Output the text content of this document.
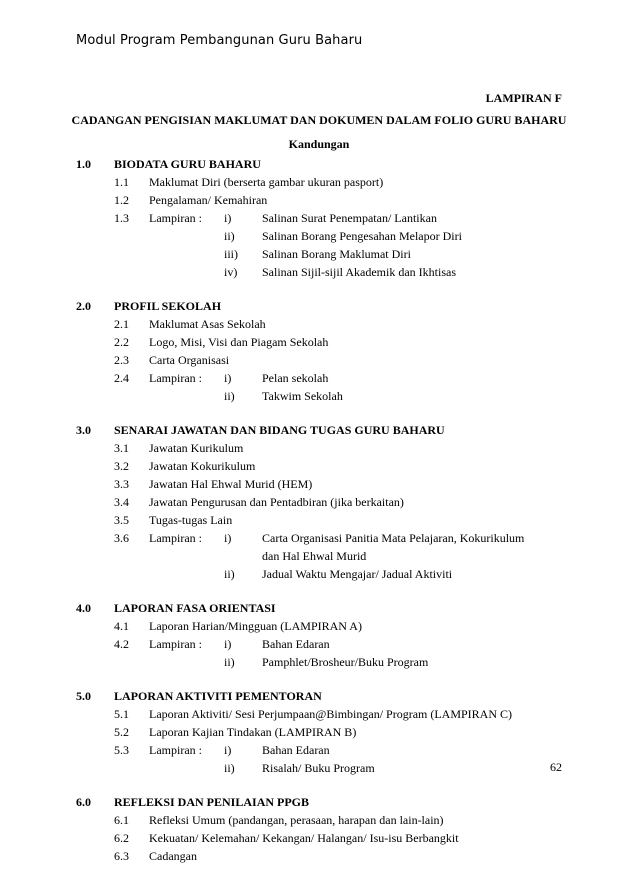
Modul Program Pembangunan Guru Baharu
LAMPIRAN F
CADANGAN PENGISIAN MAKLUMAT DAN DOKUMEN DALAM FOLIO GURU BAHARU
Kandungan
1.0 BIODATA GURU BAHARU
1.1 Maklumat Diri (berserta gambar ukuran pasport)
1.2 Pengalaman/ Kemahiran
1.3 Lampiran : i)	Salinan Surat Penempatan/ Lantikan
ii) Salinan Borang Pengesahan Melapor Diri
iii) Salinan Borang Maklumat Diri
iv) Salinan Sijil-sijil Akademik dan Ikhtisas
2.0 PROFIL SEKOLAH
2.1 Maklumat Asas Sekolah
2.2 Logo, Misi, Visi dan Piagam Sekolah
2.3 Carta Organisasi
2.4 Lampiran : i)	Pelan sekolah
ii) Takwim Sekolah
3.0 SENARAI JAWATAN DAN BIDANG TUGAS GURU BAHARU
3.1 Jawatan Kurikulum
3.2 Jawatan Kokurikulum
3.3 Jawatan Hal Ehwal Murid (HEM)
3.4 Jawatan Pengurusan dan Pentadbiran (jika berkaitan)
3.5 Tugas-tugas Lain
3.6 Lampiran : i)	Carta Organisasi Panitia Mata Pelajaran, Kokurikulum
dan Hal Ehwal Murid
ii) Jadual Waktu Mengajar/ Jadual Aktiviti
4.0 LAPORAN FASA ORIENTASI
4.1 Laporan Harian/Mingguan (LAMPIRAN A)
4.2 Lampiran : i)	Bahan Edaran
ii) Pamphlet/Brosheur/Buku Program
5.0 LAPORAN AKTIVITI PEMENTORAN
5.1 Laporan Aktiviti/ Sesi Perjumpaan@Bimbingan/ Program (LAMPIRAN C)
5.2 Laporan Kajian Tindakan (LAMPIRAN B)
5.3 Lampiran : i)	Bahan Edaran
ii) Risalah/ Buku Program
6.0 REFLEKSI DAN PENILAIAN PPGB
6.1 Refleksi Umum (pandangan, perasaan, harapan dan lain-lain)
6.2 Kekuatan/ Kelemahan/ Kekangan/ Halangan/ Isu-isu Berbangkit
6.3 Cadangan
62
